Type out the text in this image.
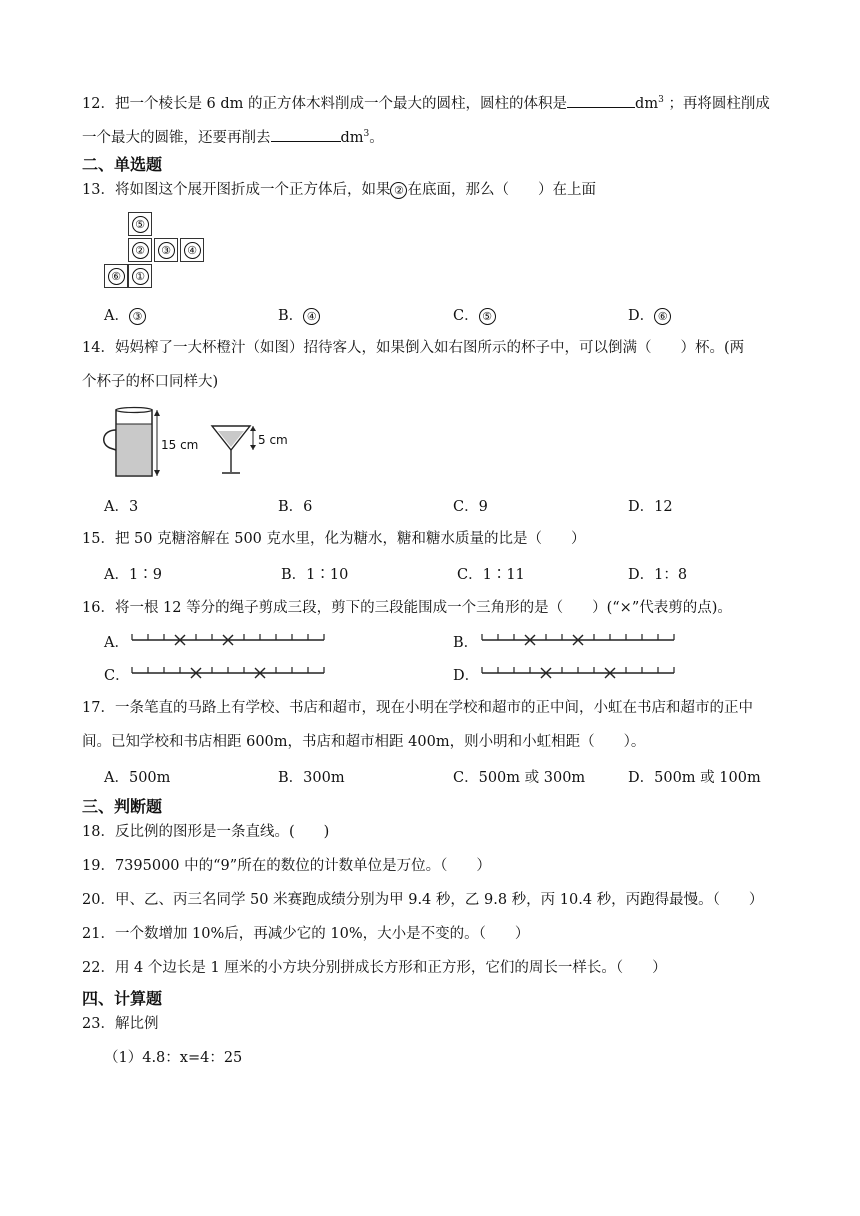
12．把一个棱长是 6 dm 的正方体木料削成一个最大的圆柱，圆柱的体积是	$dm^3$ ；再将圆柱削成
一个最大的圆锥，还要再削去	$dm^3$。
二、单选题
13．将如图这个展开图折成一个正方体后，如果 ② 在底面，那么（　　）在上面
⑤
②	③	④
⑥	①
A． ③	B． ④	C． ⑤	D． ⑥
14．妈妈榨了一大杯橙汁（如图）招待客人，如果倒入如右图所示的杯子中，可以倒满（　　）杯。(两
个杯子的杯口同样大)
15 cm	5 cm
A．3	B．6	C．9	D．12
15．把 50 克糖溶解在 500 克水里，化为糖水，糖和糖水质量的比是（　　）
A．1∶9	B．1∶10	C．1∶11	D．1：8
16．将一根 12 等分的绳子剪成三段，剪下的三段能围成一个三角形的是（　　）(“×”代表剪的点)。
A．	B．
C．	D．
17．一条笔直的马路上有学校、书店和超市，现在小明在学校和超市的正中间，小虹在书店和超市的正中
间。已知学校和书店相距 600m，书店和超市相距 400m，则小明和小虹相距（　　）。
A．500m	B．300m	C．500m 或 300m	D．500m 或 100m
三、判断题
18．反比例的图形是一条直线。(　　)
19．7395000 中的“9”所在的数位的计数单位是万位。（　　）
20．甲、乙、丙三名同学 50 米赛跑成绩分别为甲 9.4 秒，乙 9.8 秒，丙 10.4 秒，丙跑得最慢。（　　）
21．一个数增加 10%后，再减少它的 10%，大小是不变的。（　　）
22．用 4 个边长是 1 厘米的小方块分别拼成长方形和正方形，它们的周长一样长。（　　）
四、计算题
23．解比例
（1）4.8：x=4：25
